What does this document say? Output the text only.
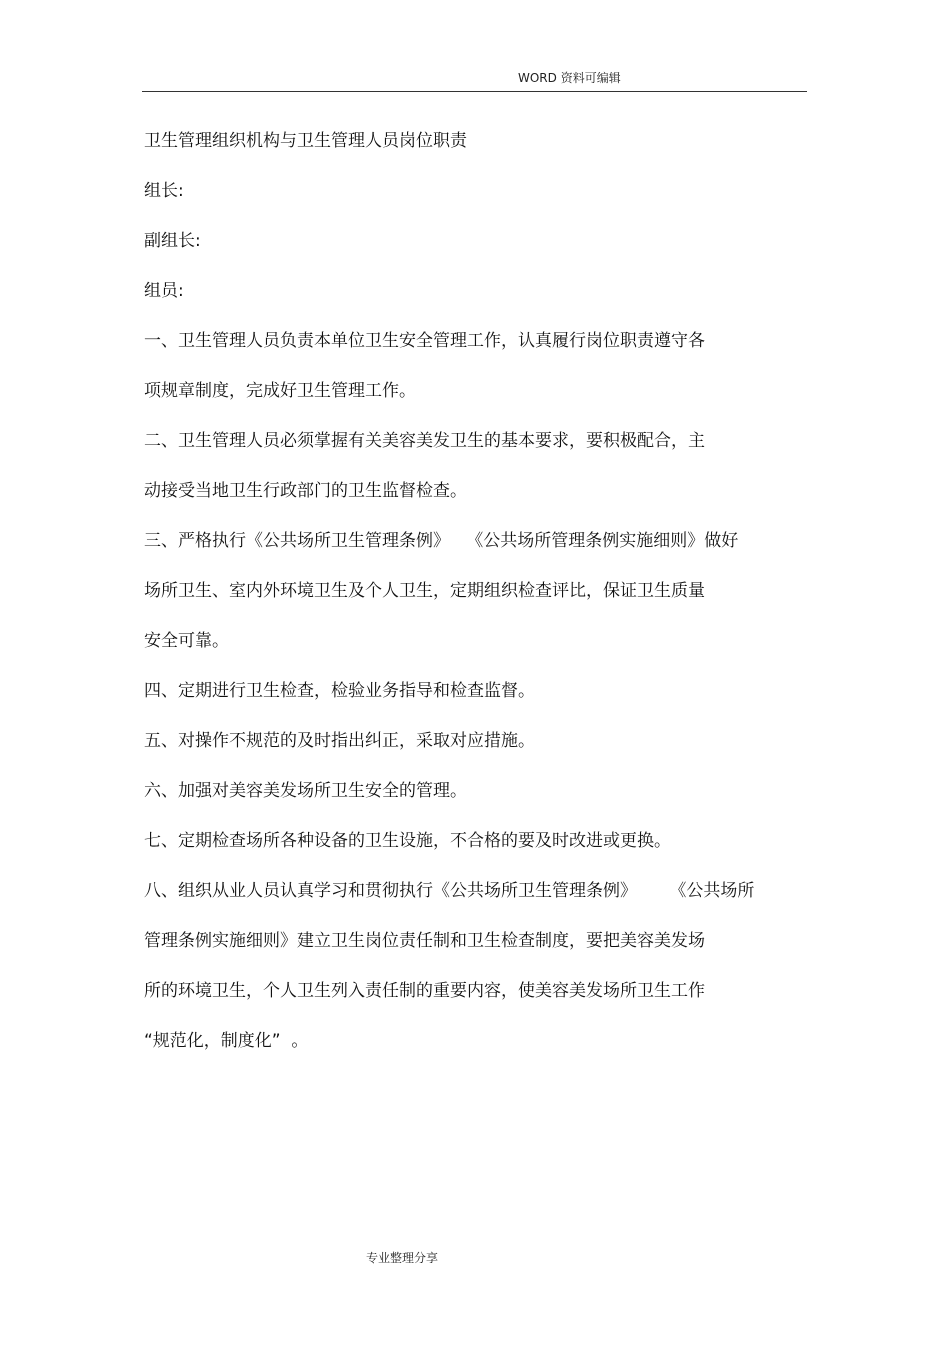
WORD 资料可编辑
卫生管理组织机构与卫生管理人员岗位职责
组长:
副组长:
组员:
一、卫生管理人员负责本单位卫生安全管理工作，认真履行岗位职责遵守各
项规章制度，完成好卫生管理工作。
二、卫生管理人员必须掌握有关美容美发卫生的基本要求，要积极配合，主
动接受当地卫生行政部门的卫生监督检查。
三、严格执行《公共场所卫生管理条例》   《公共场所管理条例实施细则》做好
场所卫生、室内外环境卫生及个人卫生，定期组织检查评比，保证卫生质量
安全可靠。
四、定期进行卫生检查，检验业务指导和检查监督。
五、对操作不规范的及时指出纠正，采取对应措施。
六、加强对美容美发场所卫生安全的管理。
七、定期检查场所各种设备的卫生设施，不合格的要及时改进或更换。
八、组织从业人员认真学习和贯彻执行《公共场所卫生管理条例》      《公共场所
管理条例实施细则》建立卫生岗位责任制和卫生检查制度，要把美容美发场
所的环境卫生，个人卫生列入责任制的重要内容，使美容美发场所卫生工作
“规范化，制度化”  。
专业整理分享
